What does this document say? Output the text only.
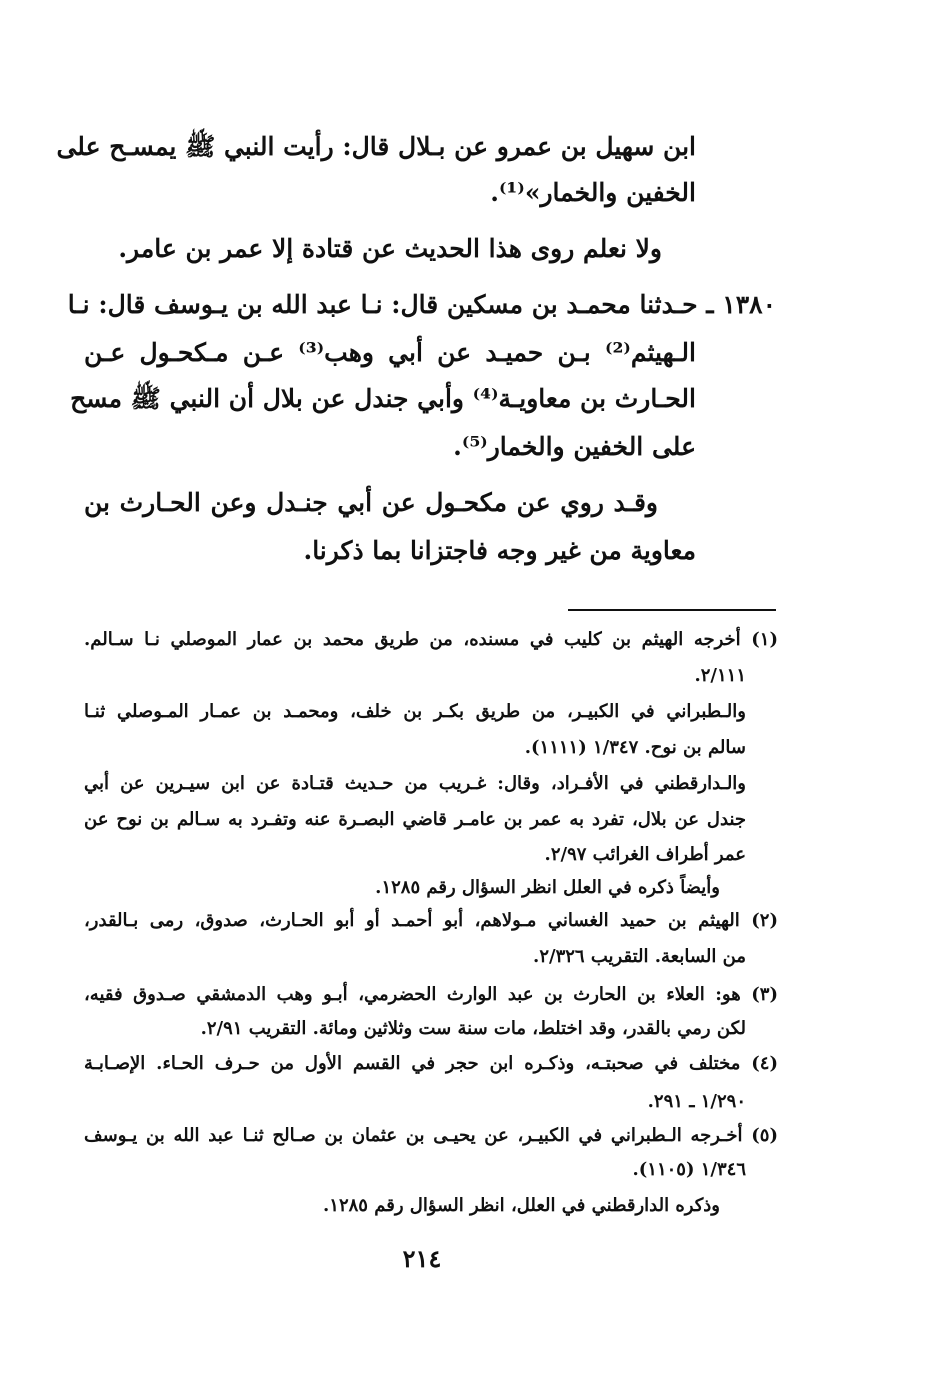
ابن سهيل بن عمرو عن بـلال قال: رأيت النبي ﷺ يمسـح على
الخفين والخمار»⁽¹⁾.
ولا نعلم روى هذا الحديث عن قتادة إلا عمر بن عامر.
١٣٨٠ ـ حـدثنا محمـد بن مسكين قال: نـا عبد الله بن يـوسف قال: نـا
الـهيثم⁽²⁾ بـن حميـد عن أبي وهب⁽³⁾ عـن مـكحـول عـن
الحـارث بن معاويـة⁽⁴⁾ وأبي جندل عن بلال أن النبي ﷺ مسح
على الخفين والخمار⁽⁵⁾.
وقـد روي عن مكحـول عن أبي جنـدل وعن الحـارث بن
معاوية من غير وجه فاجتزانا بما ذكرنا.
(١) أخرجه الهيثم بن كليب في مسنده، من طريق محمد بن عمار الموصلي نـا سـالم.
٢/١١١.
والـطبراني في الكبيـر، من طريق بكـر بن خلف، ومحمـد بن عمـار المـوصلي ثنـا
سالم بن نوح. ١/٣٤٧ (١١١١).
والـدارقطني في الأفـراد، وقال: غـريب من حـديث قتـادة عن ابن سيـرين عن أبي
جندل عن بلال، تفرد به عمر بن عامـر قاضي البصـرة عنه وتفـرد به سـالم بن نوح عن
عمر أطراف الغرائب ٢/٩٧.
وأيضاً ذكره في العلل انظر السؤال رقم ١٢٨٥.
(٢) الهيثم بن حميد الغساني مـولاهم، أبو أحمـد أو أبو الحـارث، صدوق، رمى بـالقدر،
من السابعة. التقريب ٢/٣٢٦.
(٣) هو: العلاء بن الحارث بن عبد الوارث الحضرمي، أبـو وهب الدمشقي صـدوق فقيه،
لكن رمي بالقدر، وقد اختلط، مات سنة ست وثلاثين ومائة. التقريب ٢/٩١.
(٤) مختلف في صحبتـه، وذكـره ابن حجر في القسم الأول من حـرف الحـاء. الإصـابـة
١/٢٩٠ ـ ٢٩١.
(٥) أخـرجه الـطبراني في الكبيـر، عن يحيـى بن عثمان بن صـالح ثنـا عبد الله بن يـوسف
١/٣٤٦ (١١٠٥).
وذكره الدارقطني في العلل، انظر السؤال رقم ١٢٨٥.
٢١٤
